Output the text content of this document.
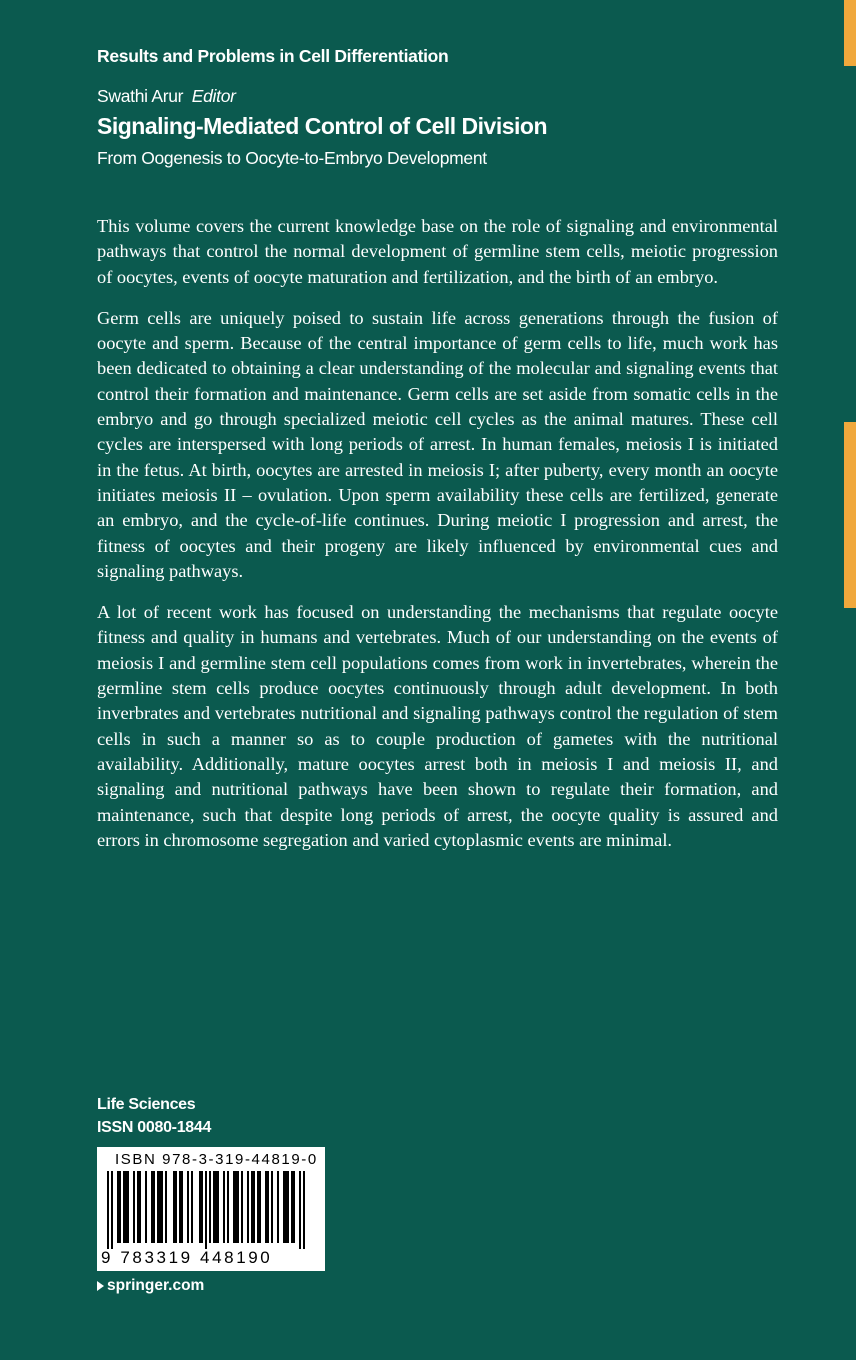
Results and Problems in Cell Differentiation
Swathi Arur Editor
Signaling-Mediated Control of Cell Division
From Oogenesis to Oocyte-to-Embryo Development

This volume covers the current knowledge base on the role of signaling and environmental pathways that control the normal development of germline stem cells, meiotic progression of oocytes, events of oocyte maturation and fertilization, and the birth of an embryo.

Germ cells are uniquely poised to sustain life across generations through the fusion of oocyte and sperm. Because of the central importance of germ cells to life, much work has been dedicated to obtaining a clear understanding of the molecular and signaling events that control their formation and maintenance. Germ cells are set aside from somatic cells in the embryo and go through specialized meiotic cell cycles as the animal matures. These cell cycles are interspersed with long periods of arrest. In human females, meiosis I is initiated in the fetus. At birth, oocytes are arrested in meiosis I; after puberty, every month an oocyte initiates meiosis II – ovulation. Upon sperm availability these cells are fertilized, generate an embryo, and the cycle-of-life continues. During meiotic I progression and arrest, the fitness of oocytes and their progeny are likely influenced by environmental cues and signaling pathways.

A lot of recent work has focused on understanding the mechanisms that regulate oocyte fitness and quality in humans and vertebrates. Much of our understanding on the events of meiosis I and germline stem cell populations comes from work in invertebrates, wherein the germline stem cells produce oocytes continuously through adult development. In both inverbrates and vertebrates nutritional and signaling pathways control the regulation of stem cells in such a manner so as to couple production of gametes with the nutritional availability. Additionally, mature oocytes arrest both in meiosis I and meiosis II, and signaling and nutritional pathways have been shown to regulate their formation, and maintenance, such that despite long periods of arrest, the oocyte quality is assured and errors in chromosome segregation and varied cytoplasmic events are minimal.

Life Sciences
ISSN 0080-1844
ISBN 978-3-319-44819-0
9 783319 448190
springer.com
